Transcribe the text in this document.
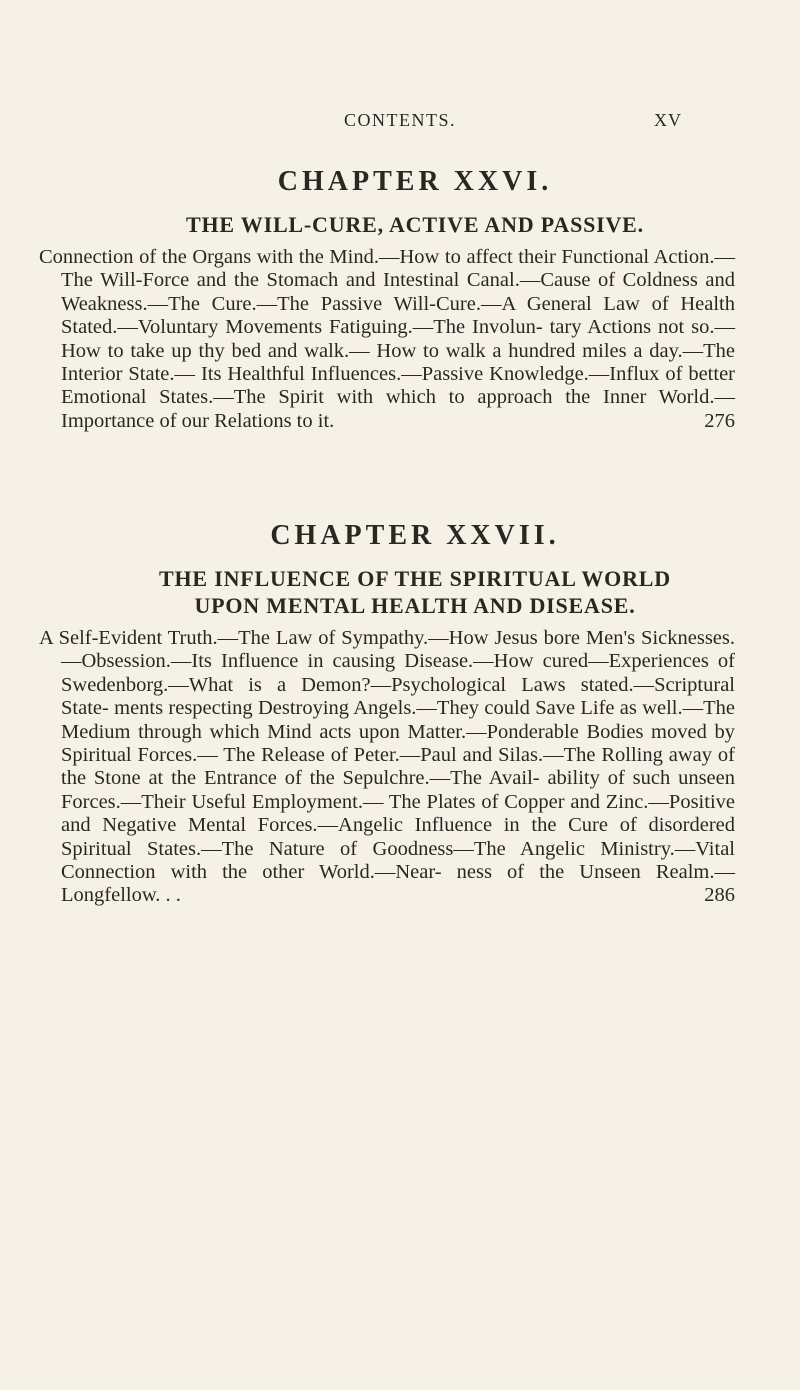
CONTENTS.	XV
CHAPTER XXVI.
THE WILL-CURE, ACTIVE AND PASSIVE.

Connection of the Organs with the Mind.—How to affect their Functional Action.—The Will-Force and the Stomach and Intestinal Canal.—Cause of Coldness and Weakness.—The Cure.—The Passive Will-Cure.—A General Law of Health Stated.—Voluntary Movements Fatiguing.—The Involun- tary Actions not so.—How to take up thy bed and walk.— How to walk a hundred miles a day.—The Interior State.— Its Healthful Influences.—Passive Knowledge.—Influx of better Emotional States.—The Spirit with which to approach the Inner World.—Importance of our Relations to it.	276

CHAPTER XXVII.
THE INFLUENCE OF THE SPIRITUAL WORLD
UPON MENTAL HEALTH AND DISEASE.

A Self-Evident Truth.—The Law of Sympathy.—How Jesus bore Men's Sicknesses.—Obsession.—Its Influence in causing Disease.—How cured—Experiences of Swedenborg.—What is a Demon?—Psychological Laws stated.—Scriptural State- ments respecting Destroying Angels.—They could Save Life as well.—The Medium through which Mind acts upon Matter.—Ponderable Bodies moved by Spiritual Forces.— The Release of Peter.—Paul and Silas.—The Rolling away of the Stone at the Entrance of the Sepulchre.—The Avail- ability of such unseen Forces.—Their Useful Employment.— The Plates of Copper and Zinc.—Positive and Negative Mental Forces.—Angelic Influence in the Cure of disordered Spiritual States.—The Nature of Goodness—The Angelic Ministry.—Vital Connection with the other World.—Near- ness of the Unseen Realm.—Longfellow. . .	286
